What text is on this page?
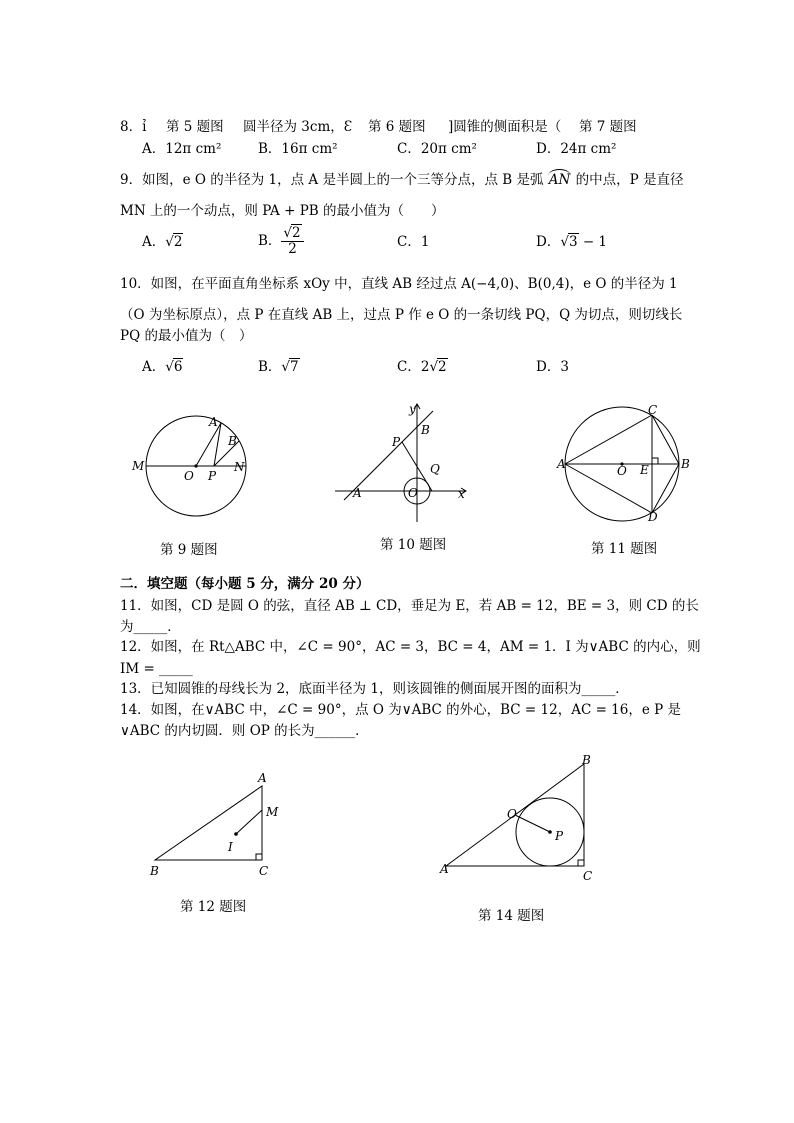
8．ỉ 第 5 题图 圆半径为 3cm，Ɛ 第 6 题图 ]圆锥的侧面积是（ 第 7 题图
A．12π cm²	B．16π cm²	C．20π cm²	D．24π cm²
9．如图，e O 的半径为 1，点 A 是半圆上的一个三等分点，点 B 是弧 AN 的中点，P 是直径
MN 上的一个动点，则 PA + PB 的最小值为（　　）
A．√2	B． $\frac{√2}{2}$	C．1	D．√3 − 1
10．如图，在平面直角坐标系 xOy 中，直线 AB 经过点 A(−4,0)、B(0,4)，e O 的半径为 1
（O 为坐标原点），点 P 在直线 AB 上，过点 P 作 e O 的一条切线 PQ，Q 为切点，则切线长
PQ 的最小值为（　）
A．√6	B．√7	C．2√2	D．3
M
O P
A
B
N
y
B
P
Q
A	O	x
C
A	O E	B
D
A
M
I
B	C
B
O
P
A	C
第 9 题图	第 10 题图	第 11 题图
二．填空题（每小题 5 分，满分 20 分）
11．如图，CD 是圆 O 的弦，直径 AB ⊥ CD，垂足为 E，若 AB = 12，BE = 3，则 CD 的长
为_____．
12．如图，在 Rt△ABC 中，∠C = 90°，AC = 3，BC = 4，AM = 1．I 为∨ABC 的内心，则
IM = _____
13．已知圆锥的母线长为 2，底面半径为 1，则该圆锥的侧面展开图的面积为_____．
14．如图，在∨ABC 中，∠C = 90°，点 O 为∨ABC 的外心，BC = 12，AC = 16，e P 是
∨ABC 的内切圆．则 OP 的长为______．
第 12 题图
第 14 题图
